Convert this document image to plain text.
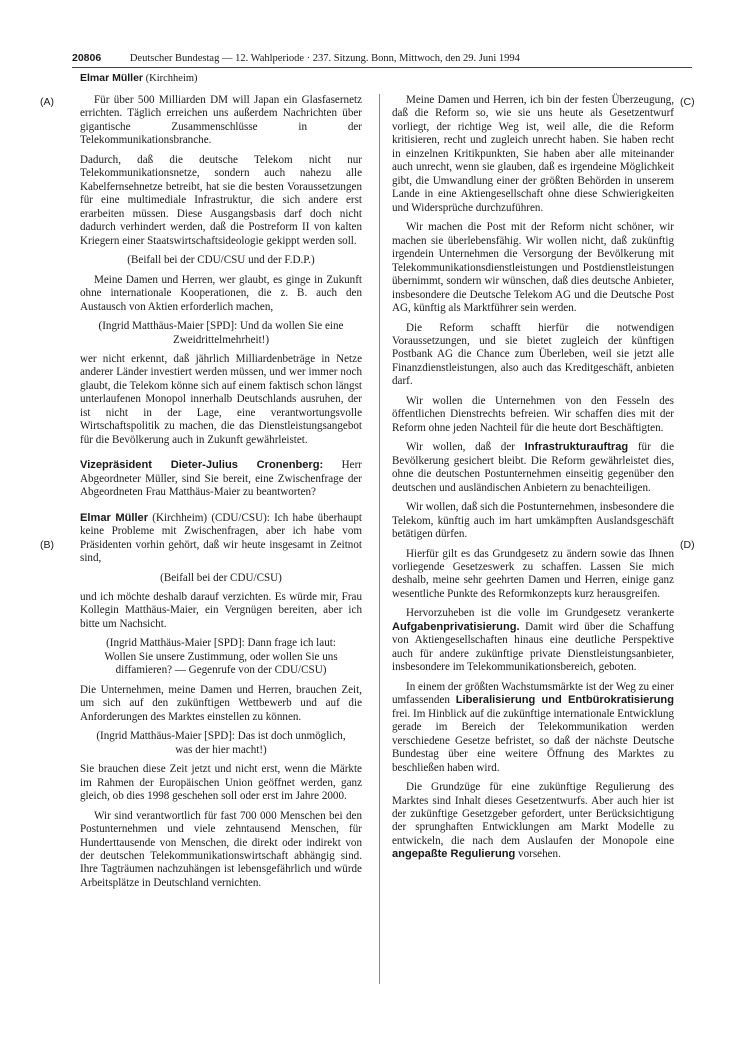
20806	Deutscher Bundestag — 12. Wahlperiode · 237. Sitzung. Bonn, Mittwoch, den 29. Juni 1994
Elmar Müller (Kirchheim)
(A)
(B)
(C)
(D)

Für über 500 Milliarden DM will Japan ein Glasfasernetz errichten. Täglich erreichen uns außerdem Nachrichten über gigantische Zusammenschlüsse in der Telekommunikationsbranche.

Dadurch, daß die deutsche Telekom nicht nur Telekommunikationsnetze, sondern auch nahezu alle Kabelfernsehnetze betreibt, hat sie die besten Voraussetzungen für eine multimediale Infrastruktur, die sich andere erst erarbeiten müssen. Diese Ausgangsbasis darf doch nicht dadurch verhindert werden, daß die Postreform II von kalten Kriegern einer Staatswirtschaftsideologie gekippt werden soll.

(Beifall bei der CDU/CSU und der F.D.P.)

Meine Damen und Herren, wer glaubt, es ginge in Zukunft ohne internationale Kooperationen, die z. B. auch den Austausch von Aktien erforderlich machen,

(Ingrid Matthäus-Maier [SPD]: Und da wollen Sie eine Zweidrittelmehrheit!)

wer nicht erkennt, daß jährlich Milliardenbeträge in Netze anderer Länder investiert werden müssen, und wer immer noch glaubt, die Telekom könne sich auf einem faktisch schon längst unterlaufenen Monopol innerhalb Deutschlands ausruhen, der ist nicht in der Lage, eine verantwortungsvolle Wirtschaftspolitik zu machen, die das Dienstleistungsangebot für die Bevölkerung auch in Zukunft gewährleistet.

Vizepräsident Dieter-Julius Cronenberg: Herr Abgeordneter Müller, sind Sie bereit, eine Zwischenfrage der Abgeordneten Frau Matthäus-Maier zu beantworten?

Elmar Müller (Kirchheim) (CDU/CSU): Ich habe überhaupt keine Probleme mit Zwischenfragen, aber ich habe vom Präsidenten vorhin gehört, daß wir heute insgesamt in Zeitnot sind,

(Beifall bei der CDU/CSU)

und ich möchte deshalb darauf verzichten. Es würde mir, Frau Kollegin Matthäus-Maier, ein Vergnügen bereiten, aber ich bitte um Nachsicht.

(Ingrid Matthäus-Maier [SPD]: Dann frage ich laut: Wollen Sie unsere Zustimmung, oder wollen Sie uns diffamieren? — Gegenrufe von der CDU/CSU)

Die Unternehmen, meine Damen und Herren, brauchen Zeit, um sich auf den zukünftigen Wettbewerb und auf die Anforderungen des Marktes einstellen zu können.

(Ingrid Matthäus-Maier [SPD]: Das ist doch unmöglich, was der hier macht!)

Sie brauchen diese Zeit jetzt und nicht erst, wenn die Märkte im Rahmen der Europäischen Union geöffnet werden, ganz gleich, ob dies 1998 geschehen soll oder erst im Jahre 2000.

Wir sind verantwortlich für fast 700 000 Menschen bei den Postunternehmen und viele zehntausend Menschen, für Hunderttausende von Menschen, die direkt oder indirekt von der deutschen Telekommunikationswirtschaft abhängig sind. Ihre Tagträumen nachzuhängen ist lebensgefährlich und würde Arbeitsplätze in Deutschland vernichten.

Meine Damen und Herren, ich bin der festen Überzeugung, daß die Reform so, wie sie uns heute als Gesetzentwurf vorliegt, der richtige Weg ist, weil alle, die die Reform kritisieren, recht und zugleich unrecht haben. Sie haben recht in einzelnen Kritikpunkten, Sie haben aber alle miteinander auch unrecht, wenn sie glauben, daß es irgendeine Möglichkeit gibt, die Umwandlung einer der größten Behörden in unserem Lande in eine Aktiengesellschaft ohne diese Schwierigkeiten und Widersprüche durchzuführen.

Wir machen die Post mit der Reform nicht schöner, wir machen sie überlebensfähig. Wir wollen nicht, daß zukünftig irgendein Unternehmen die Versorgung der Bevölkerung mit Telekommunikationsdienstleistungen und Postdienstleistungen übernimmt, sondern wir wünschen, daß dies deutsche Anbieter, insbesondere die Deutsche Telekom AG und die Deutsche Post AG, künftig als Marktführer sein werden.

Die Reform schafft hierfür die notwendigen Voraussetzungen, und sie bietet zugleich der künftigen Postbank AG die Chance zum Überleben, weil sie jetzt alle Finanzdienstleistungen, also auch das Kreditgeschäft, anbieten darf.

Wir wollen die Unternehmen von den Fesseln des öffentlichen Dienstrechts befreien. Wir schaffen dies mit der Reform ohne jeden Nachteil für die heute dort Beschäftigten.

Wir wollen, daß der Infrastrukturauftrag für die Bevölkerung gesichert bleibt. Die Reform gewährleistet dies, ohne die deutschen Postunternehmen einseitig gegenüber den deutschen und ausländischen Anbietern zu benachteiligen.

Wir wollen, daß sich die Postunternehmen, insbesondere die Telekom, künftig auch im hart umkämpften Auslandsgeschäft betätigen dürfen.

Hierfür gilt es das Grundgesetz zu ändern sowie das Ihnen vorliegende Gesetzeswerk zu schaffen. Lassen Sie mich deshalb, meine sehr geehrten Damen und Herren, einige ganz wesentliche Punkte des Reformkonzepts kurz herausgreifen.

Hervorzuheben ist die volle im Grundgesetz verankerte Aufgabenprivatisierung. Damit wird über die Schaffung von Aktiengesellschaften hinaus eine deutliche Perspektive auch für andere zukünftige private Dienstleistungsanbieter, insbesondere im Telekommunikationsbereich, geboten.

In einem der größten Wachstumsmärkte ist der Weg zu einer umfassenden Liberalisierung und Entbürokratisierung frei. Im Hinblick auf die zukünftige internationale Entwicklung gerade im Bereich der Telekommunikation werden verschiedene Gesetze befristet, so daß der nächste Deutsche Bundestag über eine weitere Öffnung des Marktes zu beschließen haben wird.

Die Grundzüge für eine zukünftige Regulierung des Marktes sind Inhalt dieses Gesetzentwurfs. Aber auch hier ist der zukünftige Gesetzgeber gefordert, unter Berücksichtigung der sprunghaften Entwicklungen am Markt Modelle zu entwickeln, die nach dem Auslaufen der Monopole eine angepaßte Regulierung vorsehen.
